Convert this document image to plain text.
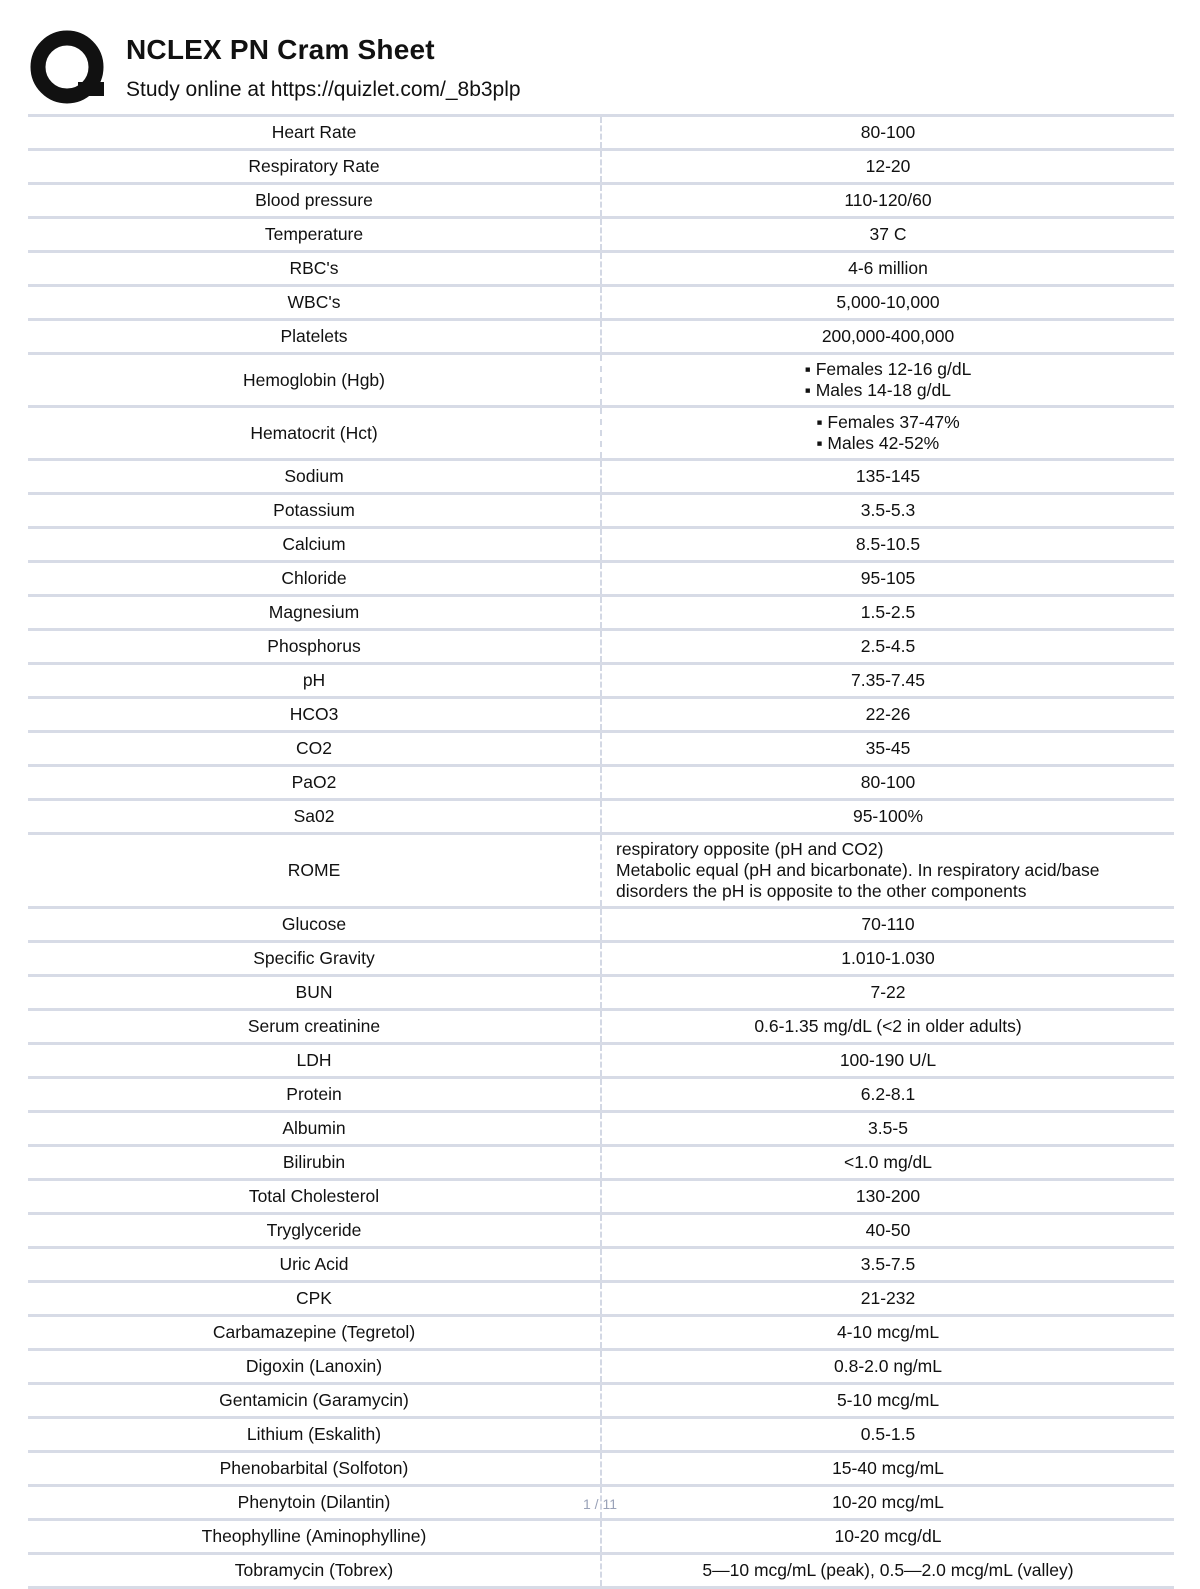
NCLEX PN Cram Sheet
Study online at https://quizlet.com/_8b3plp
Heart Rate	80-100
Respiratory Rate	12-20
Blood pressure	110-120/60
Temperature	37 C
RBC's	4-6 million
WBC's	5,000-10,000
Platelets	200,000-400,000
Hemoglobin (Hgb)	▪ Females 12-16 g/dL
▪ Males 14-18 g/dL

Hematocrit (Hct)	▪ Females 37-47%
▪ Males 42-52%

Sodium	135-145
Potassium	3.5-5.3
Calcium	8.5-10.5
Chloride	95-105
Magnesium	1.5-2.5
Phosphorus	2.5-4.5
pH	7.35-7.45
HCO3	22-26
CO2	35-45
PaO2	80-100
Sa02	95-100%
ROME	respiratory opposite (pH and CO2)
Metabolic equal (pH and bicarbonate). In respiratory acid/base
disorders the pH is opposite to the other components

Glucose	70-110
Specific Gravity	1.010-1.030
BUN	7-22
Serum creatinine	0.6-1.35 mg/dL (<2 in older adults)
LDH	100-190 U/L
Protein	6.2-8.1
Albumin	3.5-5
Bilirubin	<1.0 mg/dL
Total Cholesterol	130-200
Tryglyceride	40-50
Uric Acid	3.5-7.5
CPK	21-232
Carbamazepine (Tegretol)	4-10 mcg/mL
Digoxin (Lanoxin)	0.8-2.0 ng/mL
Gentamicin (Garamycin)	5-10 mcg/mL
Lithium (Eskalith)	0.5-1.5
Phenobarbital (Solfoton)	15-40 mcg/mL
Phenytoin (Dilantin)	10-20 mcg/mL
Theophylline (Aminophylline)	10-20 mcg/dL
Tobramycin (Tobrex)	5—10 mcg/mL (peak), 0.5—2.0 mcg/mL (valley)
1 / 11
